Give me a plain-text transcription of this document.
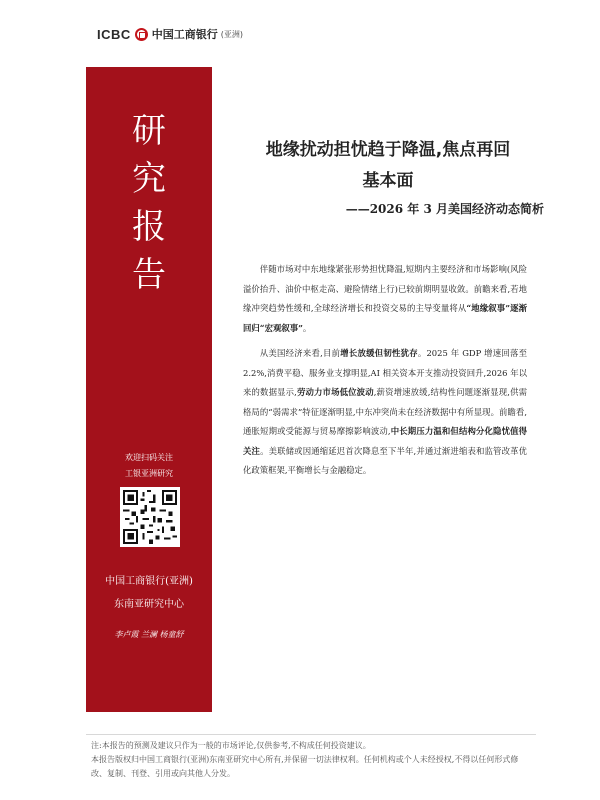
ICBC 中国工商银行 (亚洲)
研
究
报
告
欢迎扫码关注
工银亚洲研究
中国工商银行(亚洲)
东南亚研究中心
李卢霞 兰澜 杨童舒
地缘扰动担忧趋于降温,焦点再回
基本面
——2026 年 3 月美国经济动态简析

伴随市场对中东地缘紧张形势担忧降温,短期内主要经济和市场影响(风险溢价抬升、油价中枢走高、避险情绪上行)已较前期明显收敛。前瞻来看,若地缘冲突趋势性缓和,全球经济增长和投资交易的主导变量将从“地缘叙事”逐渐回归“宏观叙事”。

从美国经济来看,目前增长放缓但韧性犹存。2025 年 GDP 增速回落至 2.2%,消费平稳、服务业支撑明显,AI 相关资本开支推动投资回升,2026 年以来的数据显示,劳动力市场低位波动,薪资增速放缓,结构性问题逐渐显现,供需格局的“弱需求”特征逐渐明显,中东冲突尚未在经济数据中有所显现。前瞻看,通胀短期或受能源与贸易摩擦影响波动,中长期压力温和但结构分化隐忧值得关注。美联储或因通缩延迟首次降息至下半年,并通过渐进缩表和监管改革优化政策框架,平衡增长与金融稳定。

注:本报告的预测及建议只作为一般的市场评论,仅供参考,不构成任何投资建议。
本报告版权归中国工商银行(亚洲)东南亚研究中心所有,并保留一切法律权利。任何机构或个人未经授权,不得以任何形式修改、复制、刊登、引用或向其他人分发。
